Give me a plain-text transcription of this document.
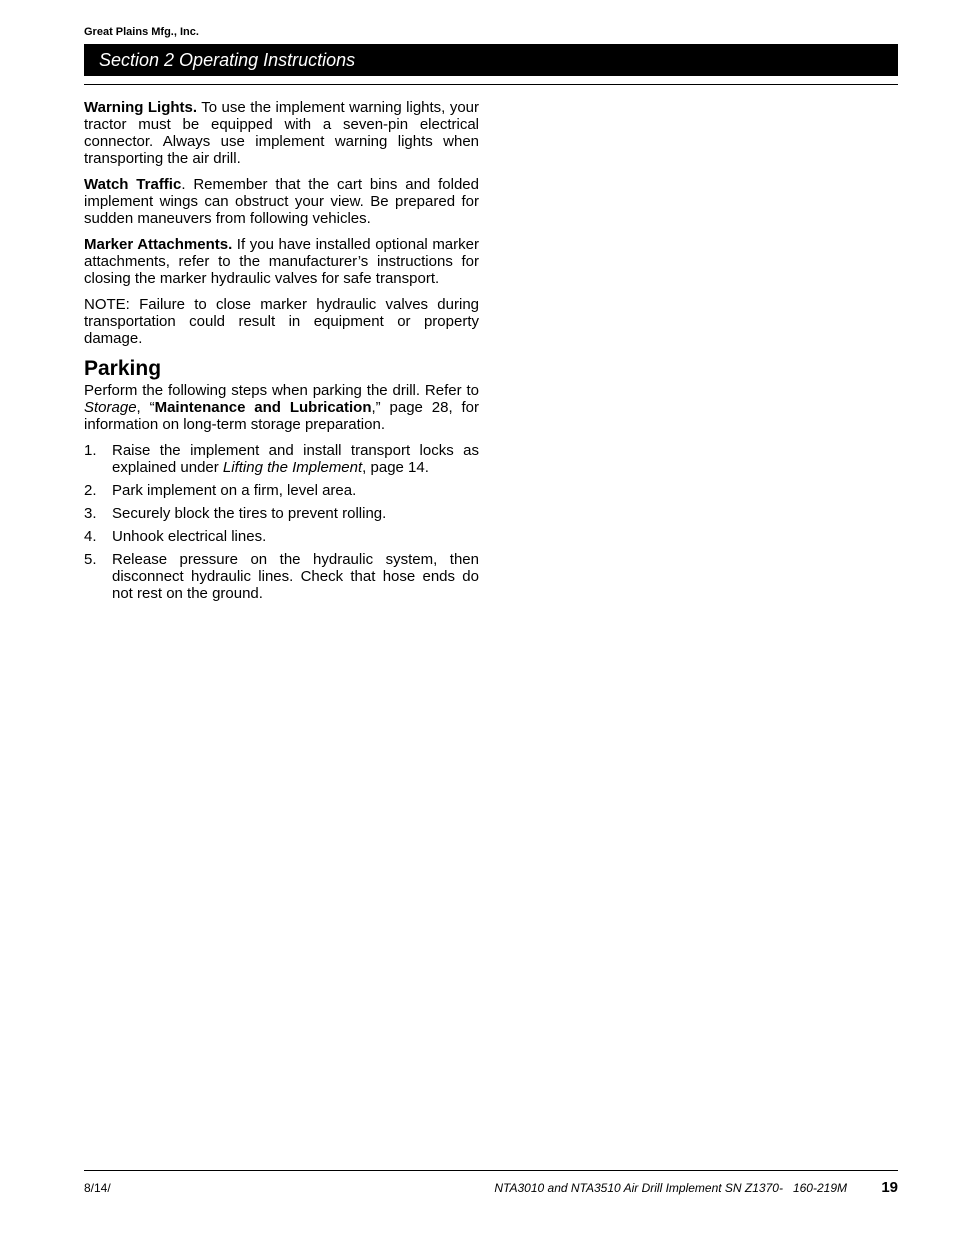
Great Plains Mfg., Inc.
Section 2 Operating Instructions

Warning Lights. To use the implement warning lights, your tractor must be equipped with a seven-pin electrical connector. Always use implement warning lights when transporting the air drill.

Watch Traffic. Remember that the cart bins and folded implement wings can obstruct your view. Be prepared for sudden maneuvers from following vehicles.

Marker Attachments. If you have installed optional marker attachments, refer to the manufacturer’s instructions for closing the marker hydraulic valves for safe transport.

NOTE: Failure to close marker hydraulic valves during transportation could result in equipment or property damage.

Parking

Perform the following steps when parking the drill. Refer to Storage, “Maintenance and Lubrication,” page 28, for information on long-term storage preparation.

1. Raise the implement and install transport locks as explained under Lifting the Implement, page 14.
2. Park implement on a firm, level area.
3. Securely block the tires to prevent rolling.
4. Unhook electrical lines.
5. Release pressure on the hydraulic system, then disconnect hydraulic lines. Check that hose ends do not rest on the ground.
8/14/	NTA3010 and NTA3510 Air Drill Implement SN Z1370-   160-219M 19
